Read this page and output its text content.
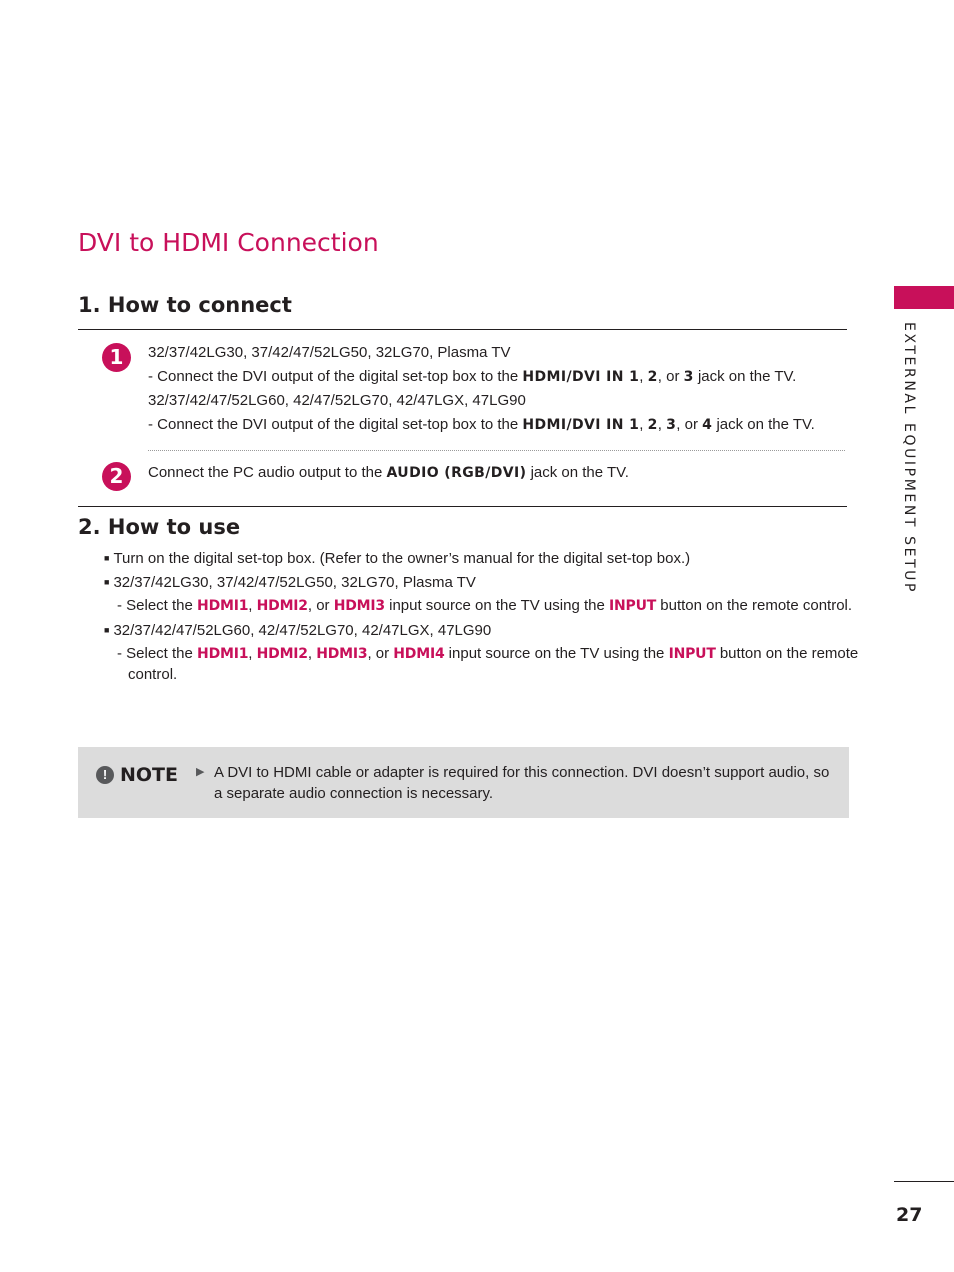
EXTERNAL EQUIPMENT SETUP
DVI to HDMI Connection
1. How to connect
1	32/37/42LG30, 37/42/47/52LG50, 32LG70, Plasma TV
- Connect the DVI output of the digital set-top box to the HDMI/DVI IN 1, 2, or 3 jack on the TV.
32/37/42/47/52LG60, 42/47/52LG70, 42/47LGX, 47LG90
- Connect the DVI output of the digital set-top box to the HDMI/DVI IN 1, 2, 3, or 4 jack on the TV.
2	Connect the PC audio output to the AUDIO (RGB/DVI) jack on the TV.
2. How to use
■ Turn on the digital set-top box. (Refer to the owner’s manual for the digital set-top box.)
■ 32/37/42LG30, 37/42/47/52LG50, 32LG70, Plasma TV
- Select the HDMI1, HDMI2, or HDMI3 input source on the TV using the INPUT button on the remote control.
■ 32/37/42/47/52LG60, 42/47/52LG70, 42/47LGX, 47LG90
- Select the HDMI1, HDMI2, HDMI3, or HDMI4 input source on the TV using the INPUT button on the remote
control.
! NOTE ▶ A DVI to HDMI cable or adapter is required for this connection. DVI doesn’t support audio, so a separate audio connection is necessary.
27
